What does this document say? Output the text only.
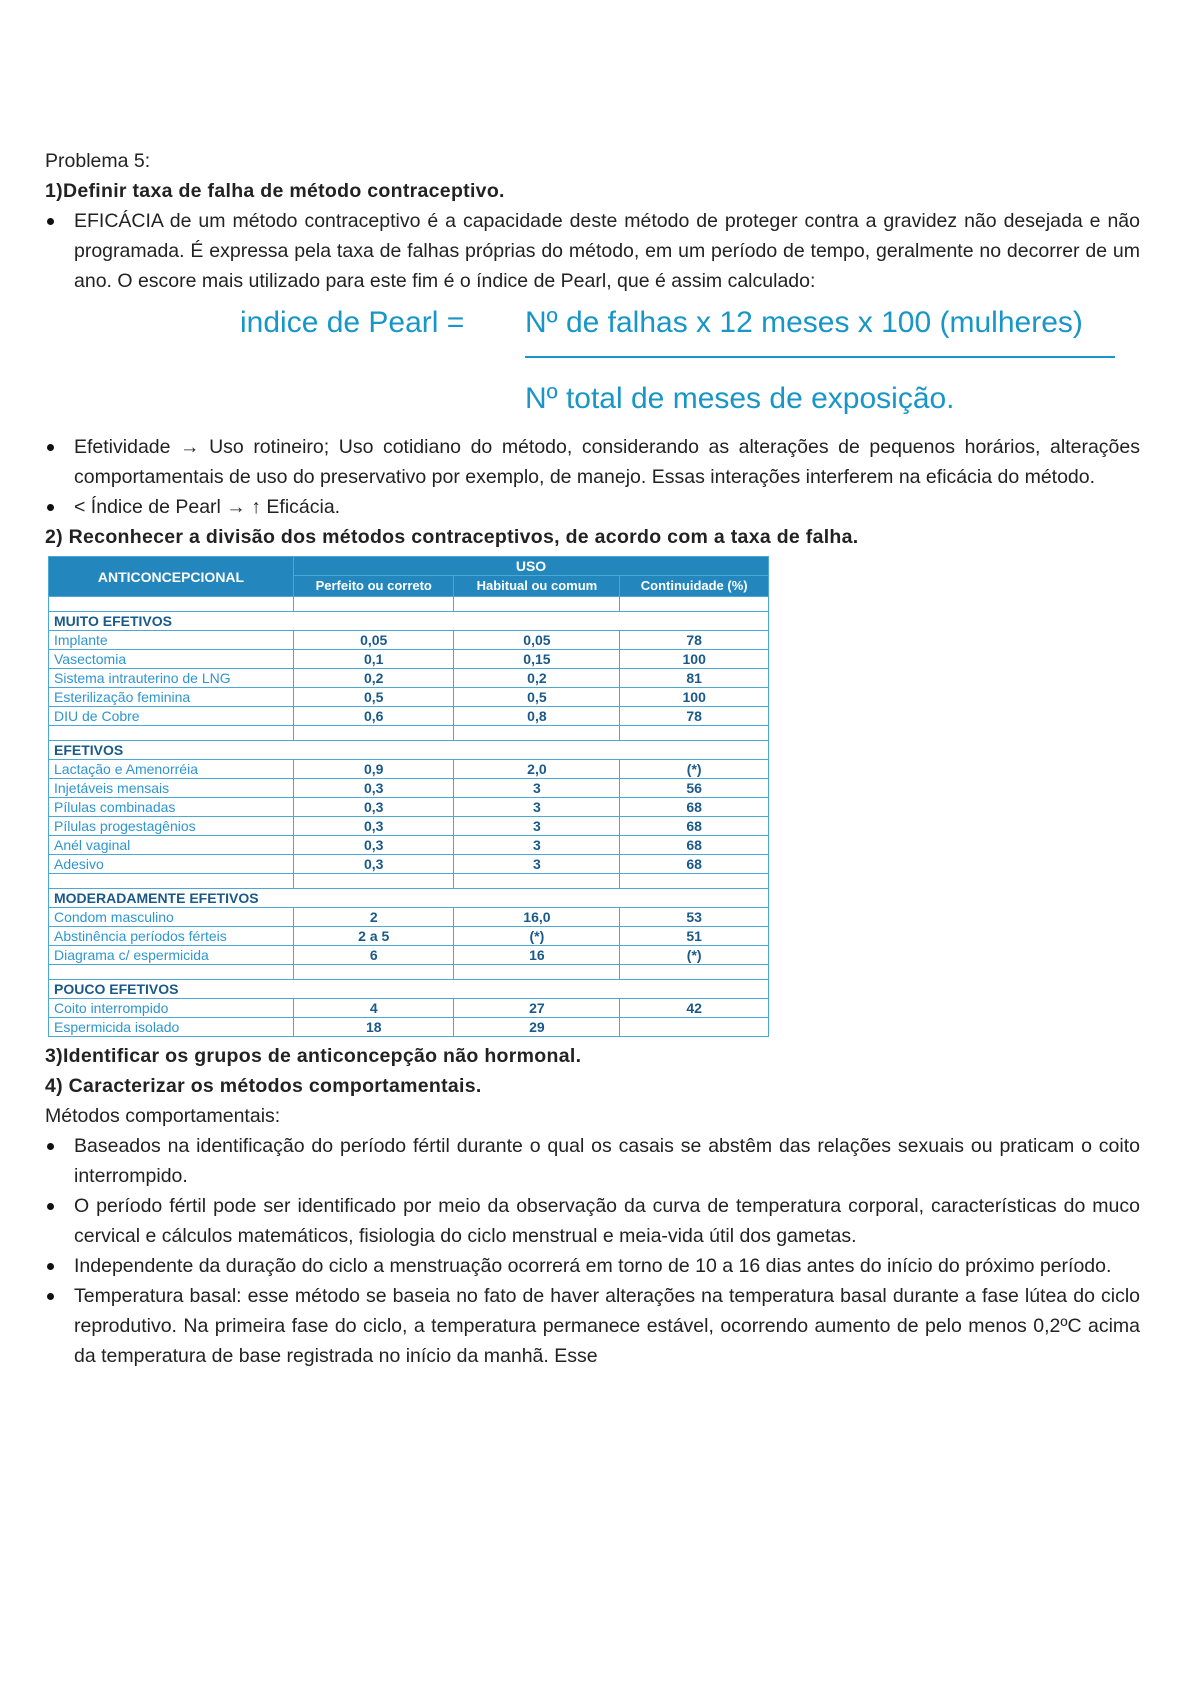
Problema 5:

1)Definir taxa de falha de método contraceptivo.

EFICÁCIA de um método contraceptivo é a capacidade deste método de proteger contra a gravidez não desejada e não programada. É expressa pela taxa de falhas próprias do método, em um período de tempo, geralmente no decorrer de um ano. O escore mais utilizado para este fim é o índice de Pearl, que é assim calculado:
indice de Pearl = Nº de falhas x 12 meses x 100 (mulheres)
Nº total de meses de exposição.
Efetividade → Uso rotineiro; Uso cotidiano do método, considerando as alterações de pequenos horários, alterações comportamentais de uso do preservativo por exemplo, de manejo. Essas interações interferem na eficácia do método.
< Índice de Pearl → ↑ Eficácia.

2) Reconhecer a divisão dos métodos contraceptivos, de acordo com a taxa de falha.

ANTICONCEPCIONAL	USO		
	Perfeito ou correto	Habitual ou comum	Continuidade (%)

MUITO EFETIVOS			
Implante	0,05	0,05	78
Vasectomia	0,1	0,15	100
Sistema intrauterino de LNG	0,2	0,2	81
Esterilização feminina	0,5	0,5	100
DIU de Cobre	0,6	0,8	78

EFETIVOS			
Lactação e Amenorréia	0,9	2,0	(*)
Injetáveis mensais	0,3	3	56
Pílulas combinadas	0,3	3	68
Pílulas progestagênios	0,3	3	68
Anél vaginal	0,3	3	68
Adesivo	0,3	3	68

MODERADAMENTE EFETIVOS			
Condom masculino	2	16,0	53
Abstinência períodos férteis	2 a 5	(*)	51
Diagrama c/ espermicida	6	16	(*)

POUCO EFETIVOS			
Coito interrompido	4	27	42
Espermicida isolado	18	29	

3)Identificar os grupos de anticoncepção não hormonal.

4) Caracterizar os métodos comportamentais.

Métodos comportamentais:

Baseados na identificação do período fértil durante o qual os casais se abstêm das relações sexuais ou praticam o coito interrompido.
O período fértil pode ser identificado por meio da observação da curva de temperatura corporal, características do muco cervical e cálculos matemáticos, fisiologia do ciclo menstrual e meia-vida útil dos gametas.
Independente da duração do ciclo a menstruação ocorrerá em torno de 10 a 16 dias antes do início do próximo período.
Temperatura basal: esse método se baseia no fato de haver alterações na temperatura basal durante a fase lútea do ciclo reprodutivo. Na primeira fase do ciclo, a temperatura permanece estável, ocorrendo aumento de pelo menos 0,2ºC acima da temperatura de base registrada no início da manhã. Esse
